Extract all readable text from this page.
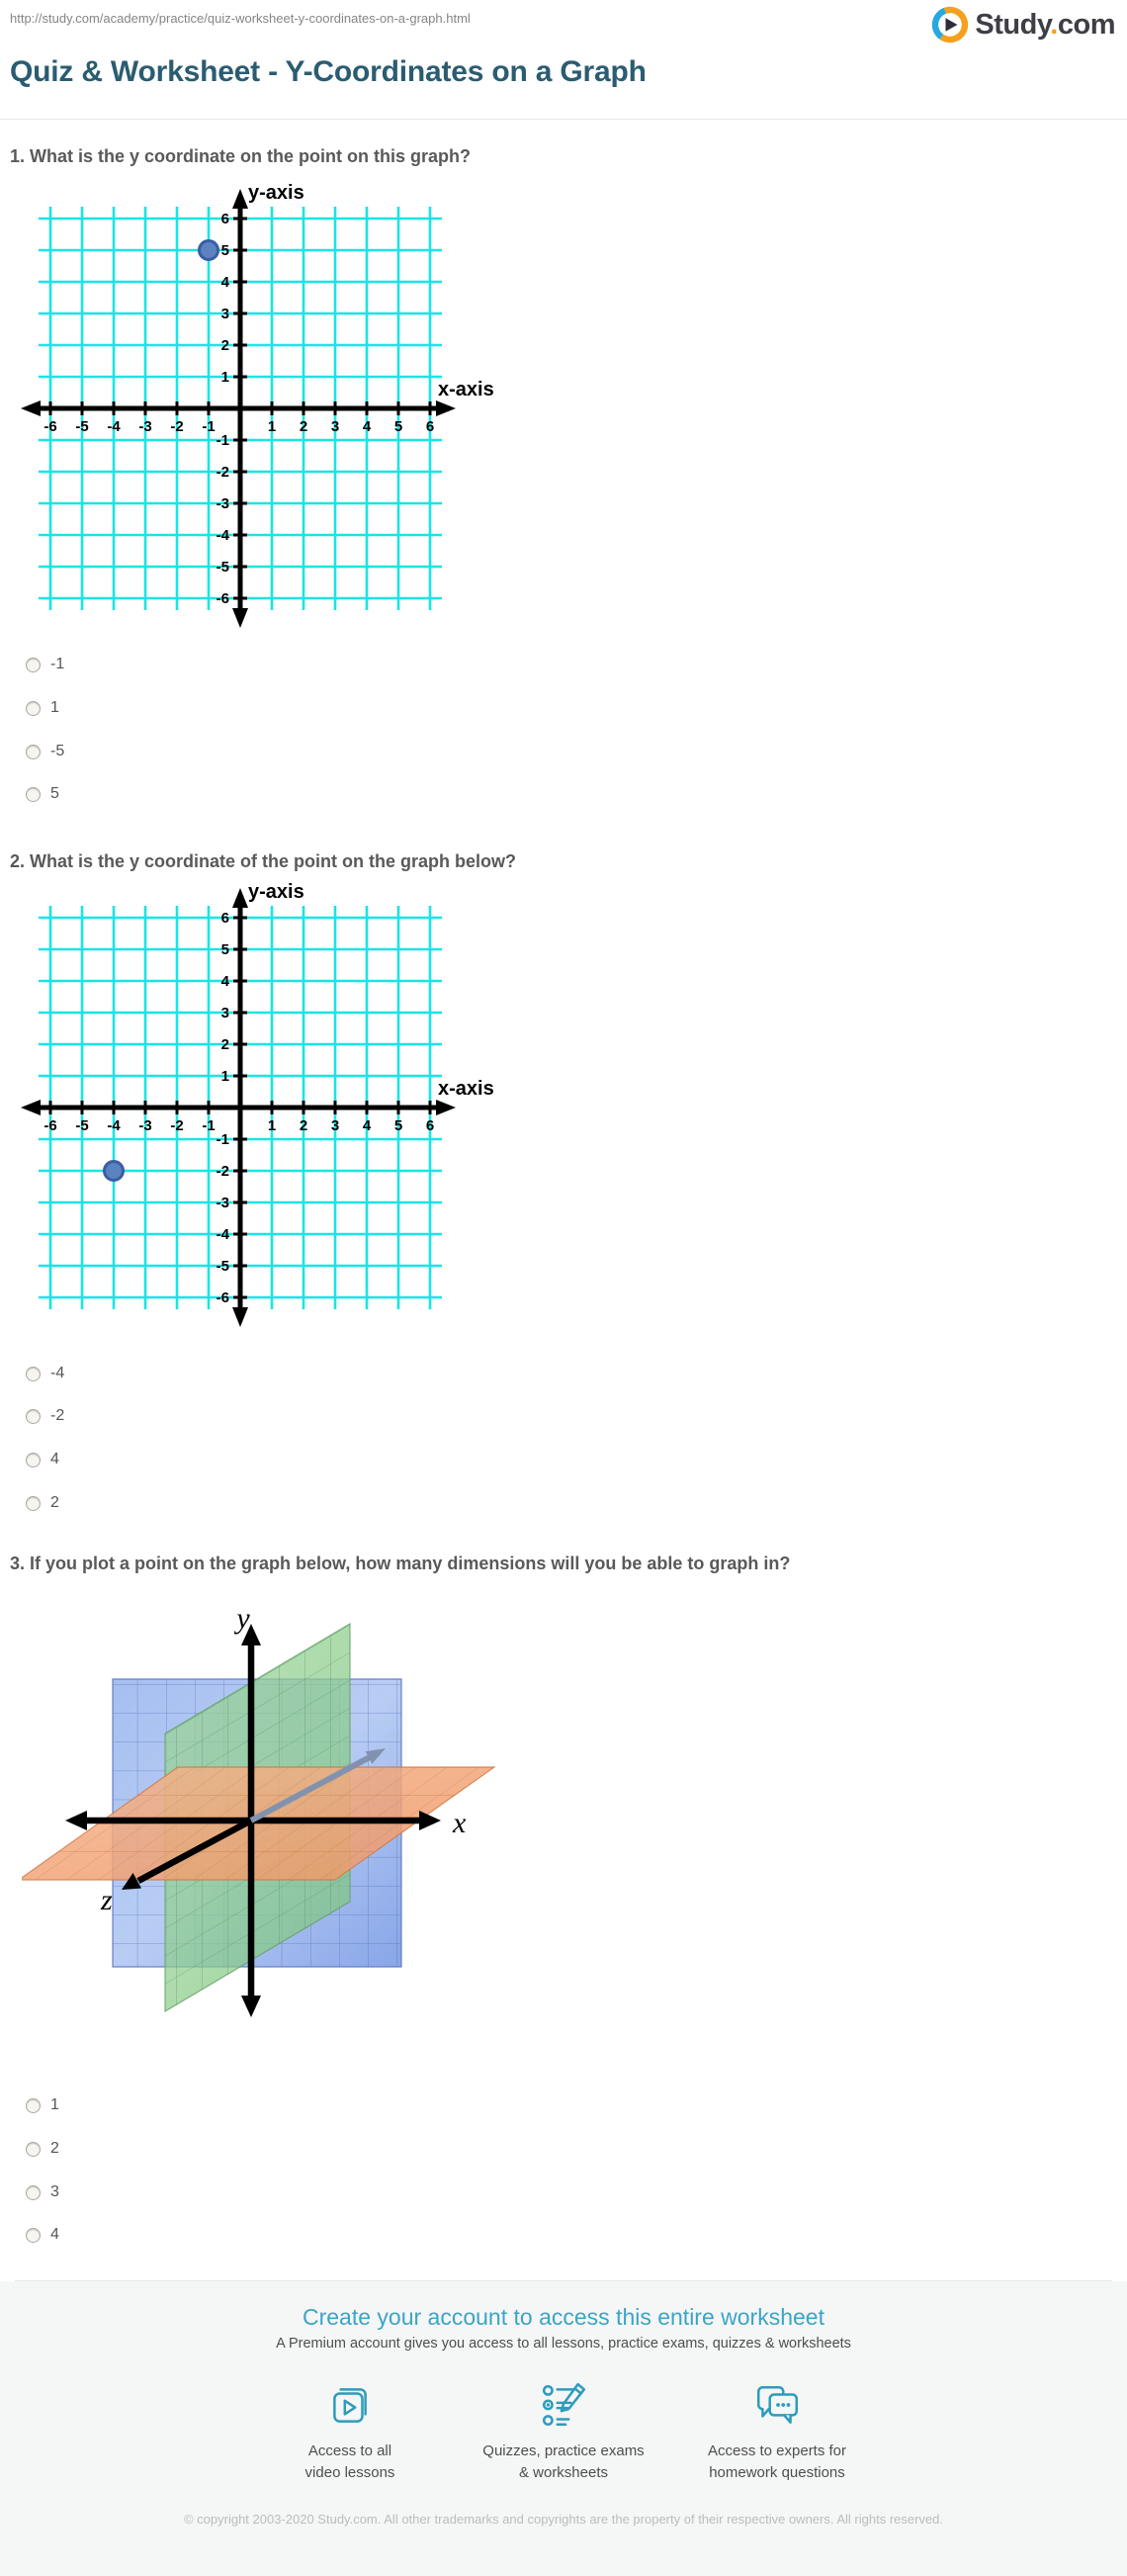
http://study.com/academy/practice/quiz-worksheet-y-coordinates-on-a-graph.html	Study.com
Quiz & Worksheet - Y-Coordinates on a Graph
1. What is the y coordinate on the point on this graph?
-6 -5 -4 -3 -2 -1	1 2 3 4 5 6
-6
-5
-4
-3
-2
-1
1
2
3
4
5
6
y-axis
x-axis
-1
1
-5
5
2. What is the y coordinate of the point on the graph below?
-6 -5 -4 -3 -2 -1	1 2 3 4 5 6
-6
-5
-4
-3
-2
-1
1
2
3
4
5
6
y-axis
x-axis
-4
-2
4
2
3. If you plot a point on the graph below, how many dimensions will you be able to graph in?
y
x
z
1
2
3
4
Create your account to access this entire worksheet
A Premium account gives you access to all lessons, practice exams, quizzes & worksheets
Access to all
video lessons
Quizzes, practice exams
& worksheets
Access to experts for
homework questions
© copyright 2003-2020 Study.com. All other trademarks and copyrights are the property of their respective owners. All rights reserved.
